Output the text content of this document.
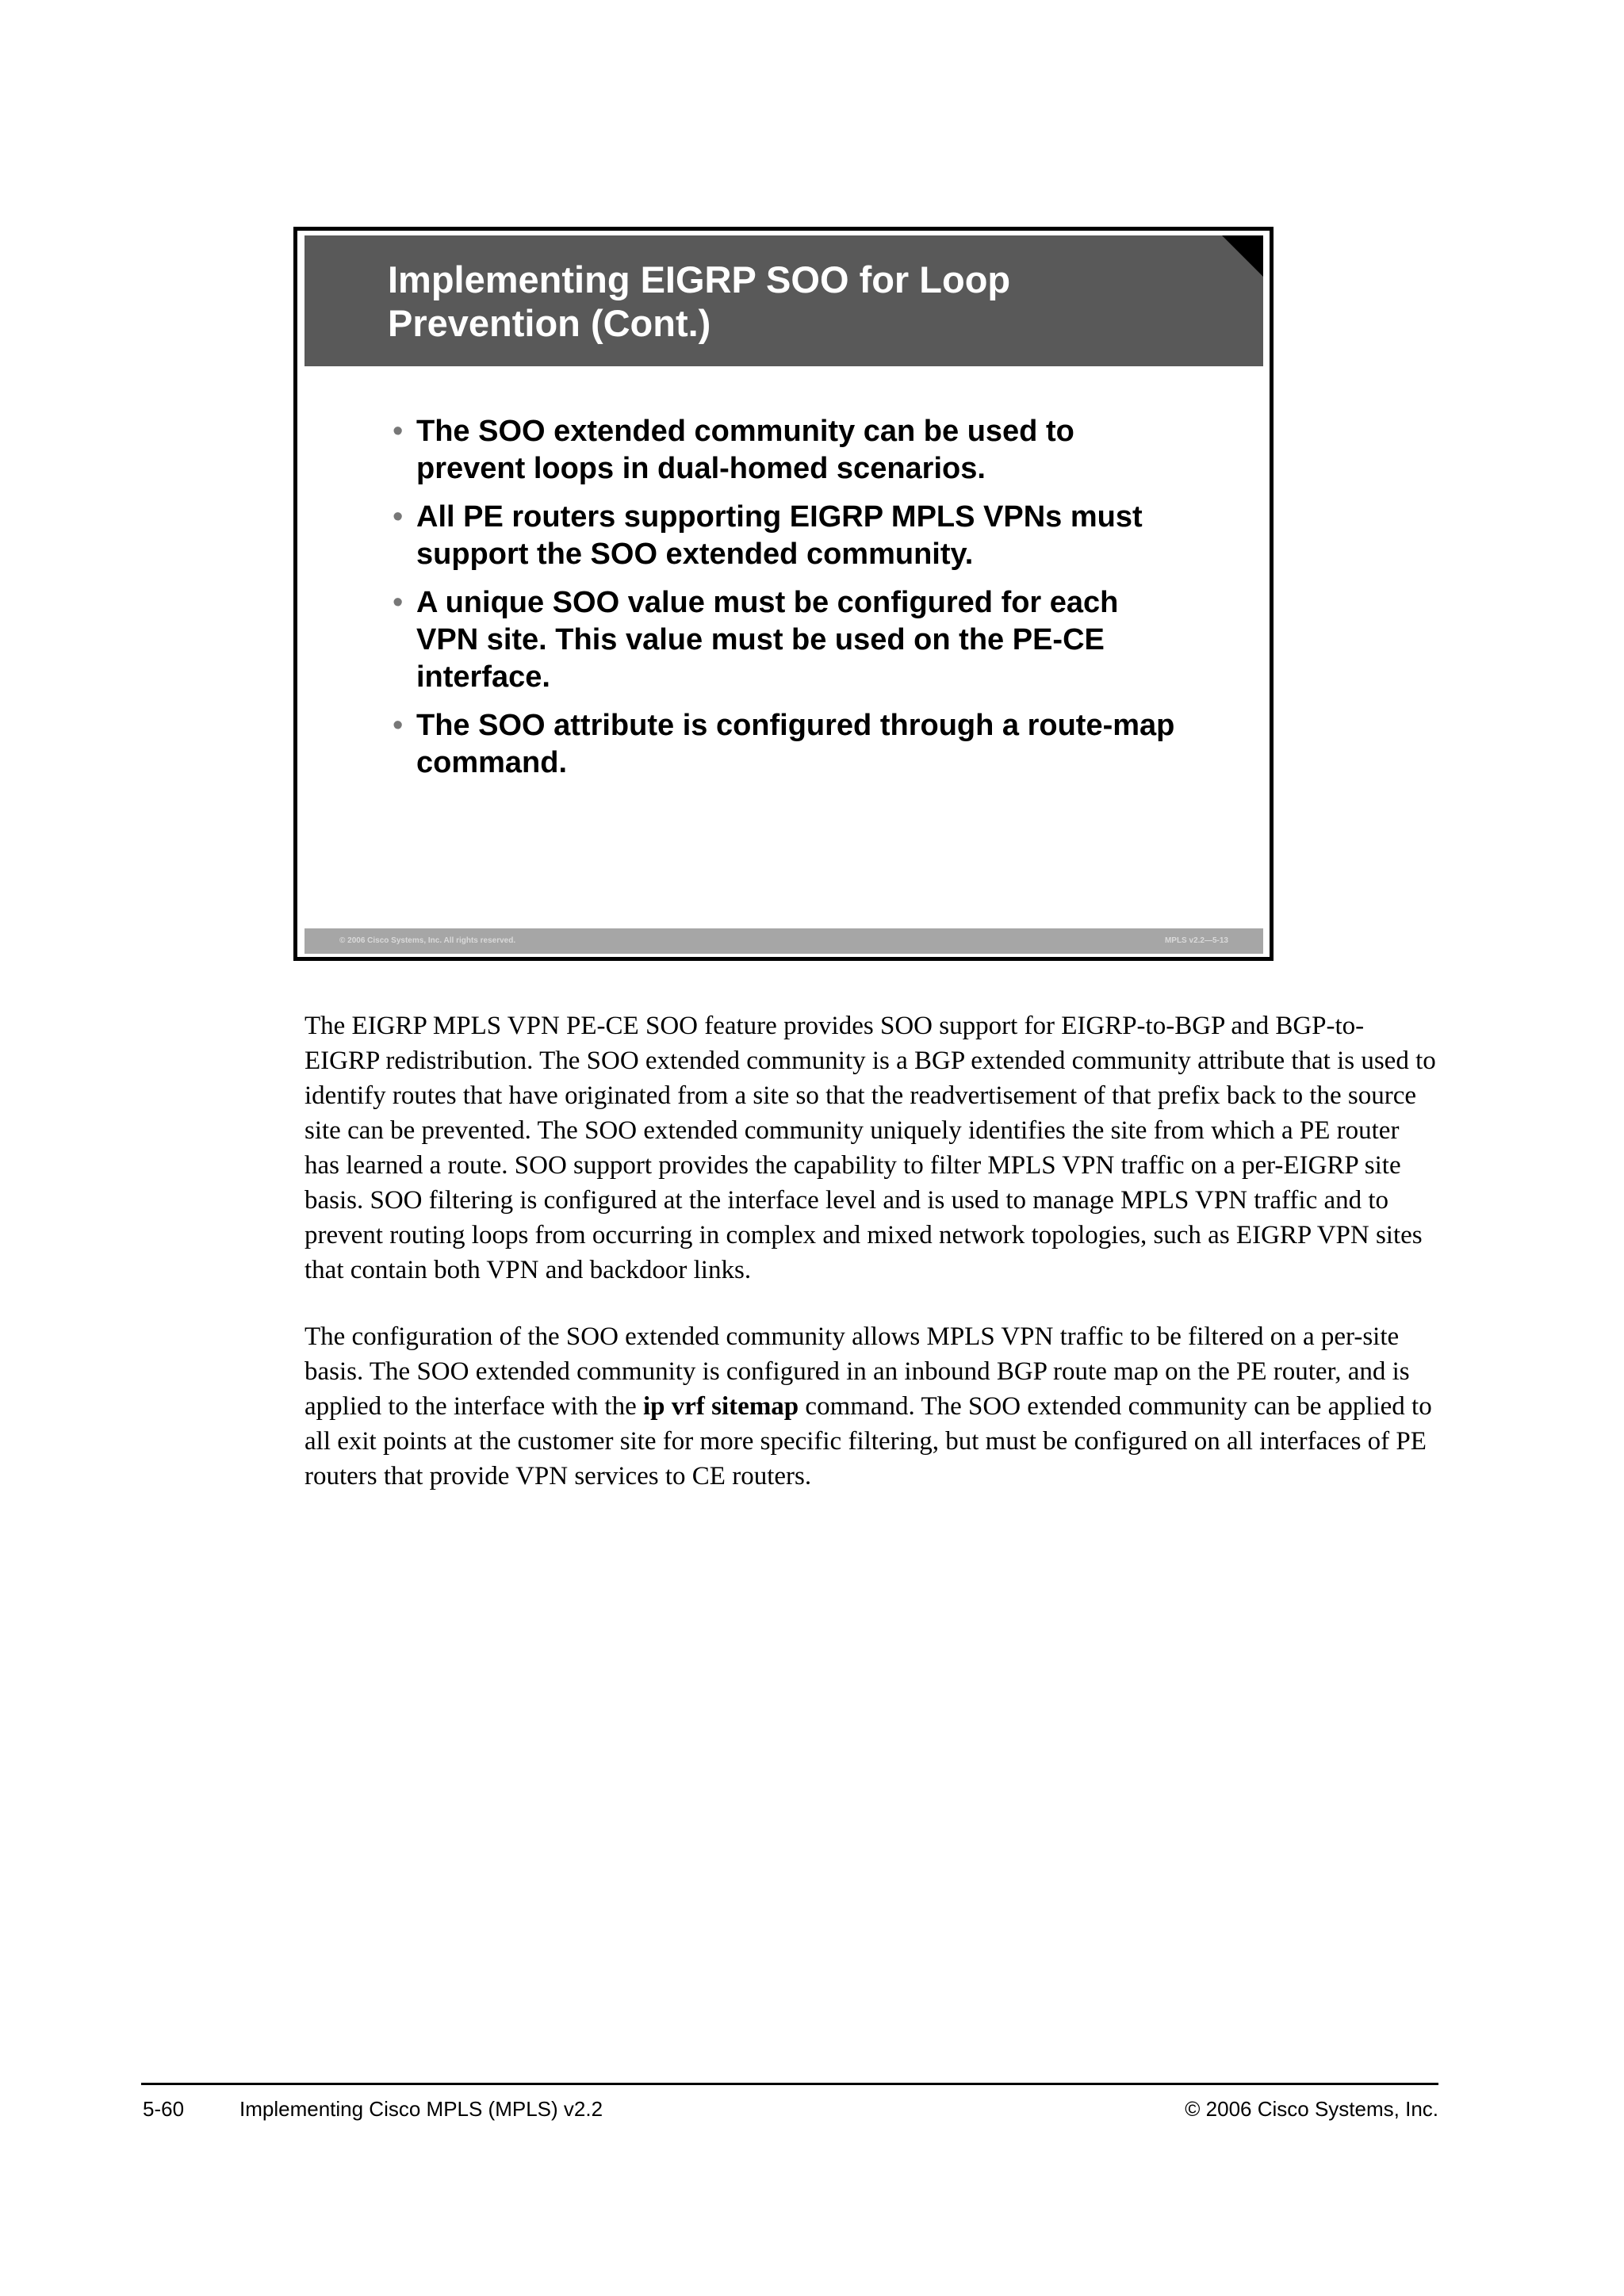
Implementing EIGRP SOO for Loop Prevention (Cont.)
• The SOO extended community can be used to prevent loops in dual-homed scenarios.
• All PE routers supporting EIGRP MPLS VPNs must support the SOO extended community.
• A unique SOO value must be configured for each VPN site. This value must be used on the PE-CE interface.
• The SOO attribute is configured through a route-map command.
© 2006 Cisco Systems, Inc. All rights reserved.	MPLS v2.2—5-13

The EIGRP MPLS VPN PE-CE SOO feature provides SOO support for EIGRP-to-BGP and BGP-to-EIGRP redistribution. The SOO extended community is a BGP extended community attribute that is used to identify routes that have originated from a site so that the readvertisement of that prefix back to the source site can be prevented. The SOO extended community uniquely identifies the site from which a PE router has learned a route. SOO support provides the capability to filter MPLS VPN traffic on a per-EIGRP site basis. SOO filtering is configured at the interface level and is used to manage MPLS VPN traffic and to prevent routing loops from occurring in complex and mixed network topologies, such as EIGRP VPN sites that contain both VPN and backdoor links.

The configuration of the SOO extended community allows MPLS VPN traffic to be filtered on a per-site basis. The SOO extended community is configured in an inbound BGP route map on the PE router, and is applied to the interface with the ip vrf sitemap command. The SOO extended community can be applied to all exit points at the customer site for more specific filtering, but must be configured on all interfaces of PE routers that provide VPN services to CE routers.

5-60	Implementing Cisco MPLS (MPLS) v2.2	© 2006 Cisco Systems, Inc.
